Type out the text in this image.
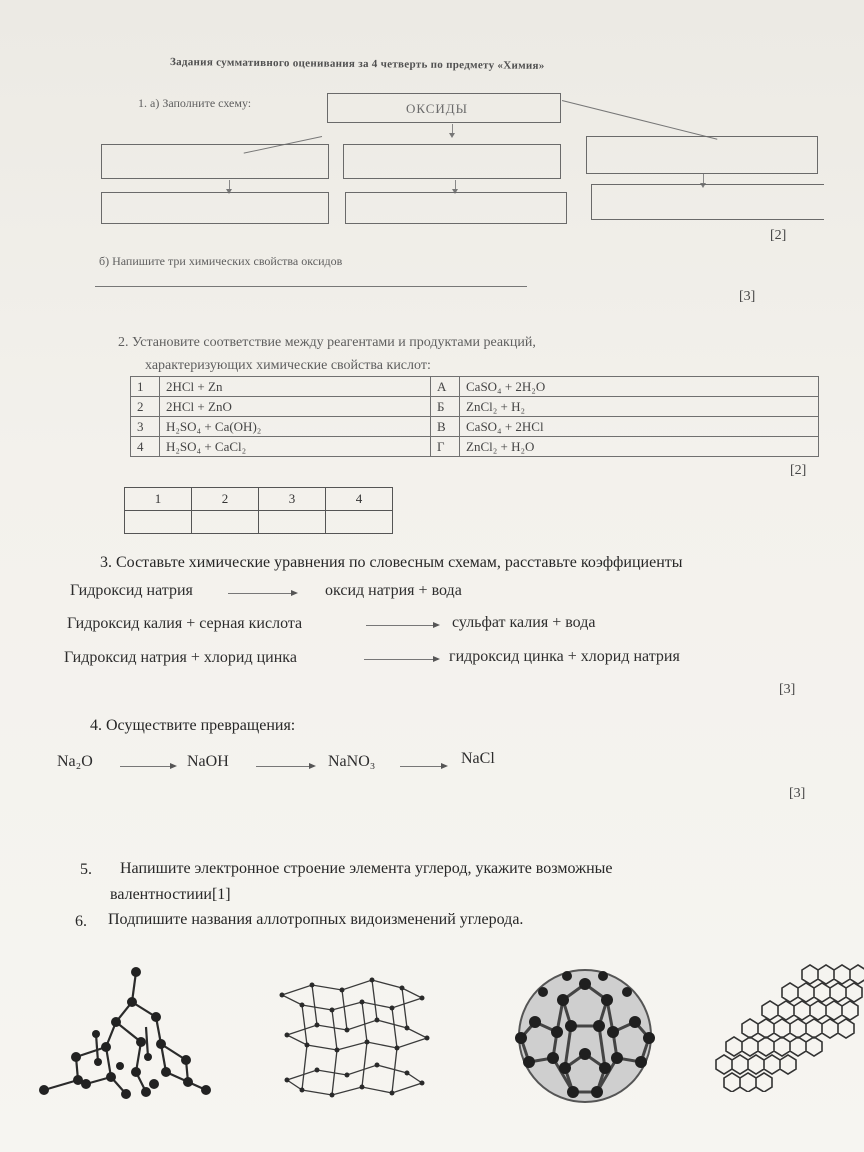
Задания суммативного оценивания за 4 четверть по предмету «Химия»
1. а) Заполните схему:	ОКСИДЫ
[2]
б) Напишите три химических свойства оксидов
[3]
2. Установите соответствие между реагентами и продуктами реакций,
характеризующих химические свойства кислот:
1	2HCl + Zn	А	CaSO₄ + 2H₂O
2	2HCl + ZnO	Б	ZnCl₂ + H₂
3	H₂SO₄ + Ca(OH)₂	В	CaSO₄ + 2HCl
4	H₂SO₄ + CaCl₂	Г	ZnCl₂ + H₂O
[2]
1	2	3	4

3. Составьте химические уравнения по словесным схемам, расставьте коэффициенты
Гидроксид натрия	оксид натрия + вода
Гидроксид калия + серная кислота	сульфат калия + вода
Гидроксид натрия + хлорид цинка	гидроксид цинка + хлорид натрия
[3]
4. Осуществите превращения:
Na₂O	NaOH	NaNO₃	NaCl
[3]
5. Напишите электронное строение элемента углерод, укажите возможные
валентностиии[1]
6. Подпишите названия аллотропных видоизменений углерода.
